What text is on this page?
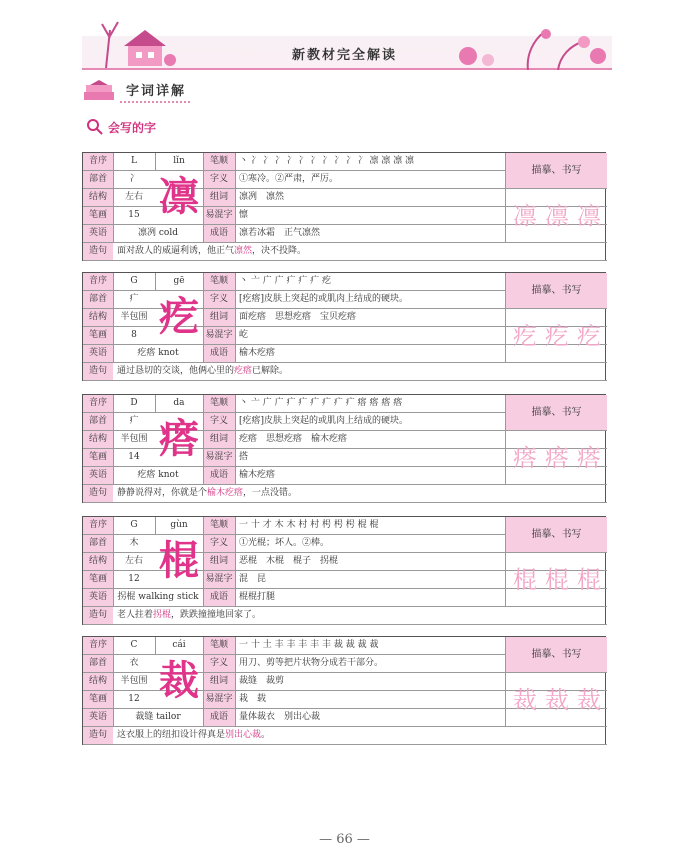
新教材完全解读
字词详解
会写的字
音序	L	lǐn	笔顺	丶 冫 冫 冫 冫 冫 冫 冫 冫 冫 冫 凛 凛 凛 凛
部首	冫	字义	①寒冷。②严肃，严厉。
结构	左右	组词	凛冽　凛然
笔画	15	易混字 懔
英语	凛冽 cold	成语	凛若冰霜　正气凛然
造句	面对敌人的威逼利诱，他正气凛然，决不投降。
凛
描摹、书写
凛 凛 凛
音序	G	gē	笔顺	丶 亠 广 广 疒 疒 疒 疙
部首	疒	字义	[疙瘩]皮肤上突起的或肌肉上结成的硬块。
结构	半包围	组词	面疙瘩　思想疙瘩　宝贝疙瘩
笔画	8	易混字 屹
英语	疙瘩 knot	成语	榆木疙瘩
造句	通过恳切的交谈，他俩心里的疙瘩已解除。
疙
描摹、书写
疙 疙 疙
音序	D	da	笔顺	丶 亠 广 广 疒 疒 疒 疒 疒 疒 瘩 瘩 瘩 瘩
部首	疒	字义	[疙瘩]皮肤上突起的或肌肉上结成的硬块。
结构	半包围	组词	疙瘩　思想疙瘩　榆木疙瘩
笔画	14	易混字 搭
英语	疙瘩 knot	成语	榆木疙瘩
造句	静静说得对，你就是个榆木疙瘩，一点没错。
瘩
描摹、书写
瘩 瘩 瘩
音序	G	gùn	笔顺	一 十 才 木 木 村 村 枵 枵 枵 棍 棍
部首	木	字义	①光棍；坏人。②棒。
结构	左右	组词	恶棍　木棍　棍子　拐棍
笔画	12	易混字 混　昆
英语	拐棍 walking stick	成语	棍棍打腿
造句	老人拄着拐棍，跌跌撞撞地回家了。
棍
描摹、书写
棍 棍 棍
音序	C	cái	笔顺	一 十 土 丰 丰 丰 丰 丰 裁 裁 裁 裁
部首	衣	字义	用刀、剪等把片状物分成若干部分。
结构	半包围	组词	裁缝　裁剪
笔画	12	易混字 栽　载
英语	裁缝 tailor	成语	量体裁衣　别出心裁
造句	这衣服上的纽扣设计得真是别出心裁。
裁
描摹、书写
裁 裁 裁
— 66 —
